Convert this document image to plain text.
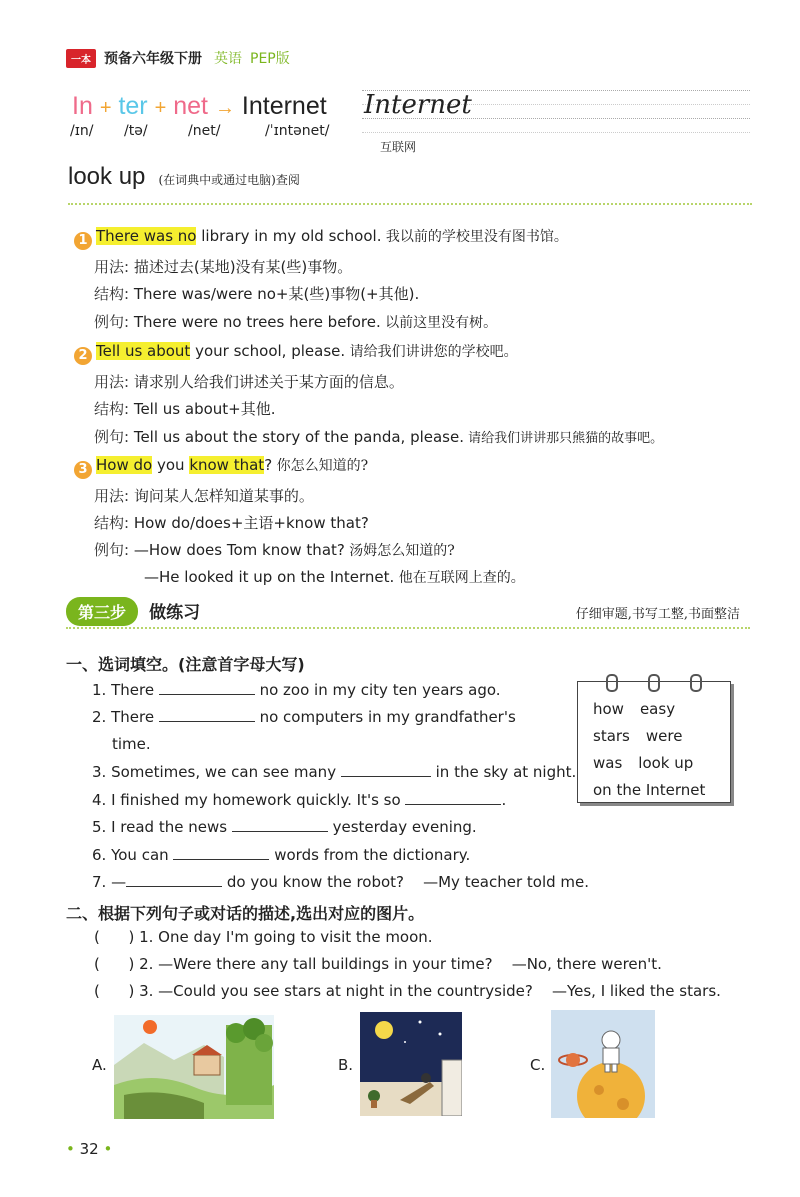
一本 预备六年级下册 英语 PEP版
In + ter + net → Internet
/ɪn/ /tə/	/net/	/ˈɪntənet/
Internet
互联网
look up (在词典中或通过电脑)查阅
1 There was no library in my old school. 我以前的学校里没有图书馆。
用法: 描述过去(某地)没有某(些)事物。
结构: There was/were no+某(些)事物(+其他).
例句: There were no trees here before. 以前这里没有树。
2 Tell us about your school, please. 请给我们讲讲您的学校吧。
用法: 请求别人给我们讲述关于某方面的信息。
结构: Tell us about+其他.
例句: Tell us about the story of the panda, please. 请给我们讲讲那只熊猫的故事吧。
3 How do you know that? 你怎么知道的?
用法: 询问某人怎样知道某事的。
结构: How do/does+主语+know that?
例句: —How does Tom know that? 汤姆怎么知道的?
—He looked it up on the Internet. 他在互联网上查的。
第三步 做练习	仔细审题,书写工整,书面整洁
一、选词填空。(注意首字母大写)
1. There	no zoo in my city ten years ago.
2. There	no computers in my grandfather's
time.
3. Sometimes, we can see many	in the sky at night.
4. I finished my homework quickly. It's so	.
5. I read the news	yesterday evening.
6. You can	words from the dictionary.
7. —	do you know the robot? —My teacher told me.
how easy
stars were
was look up
on the Internet
二、根据下列句子或对话的描述,选出对应的图片。
(      ) 1. One day I'm going to visit the moon.
(      ) 2. —Were there any tall buildings in your time? —No, there weren't.
(      ) 3. —Could you see stars at night in the countryside? —Yes, I liked the stars.
A.	B.	C.
• 32 •
